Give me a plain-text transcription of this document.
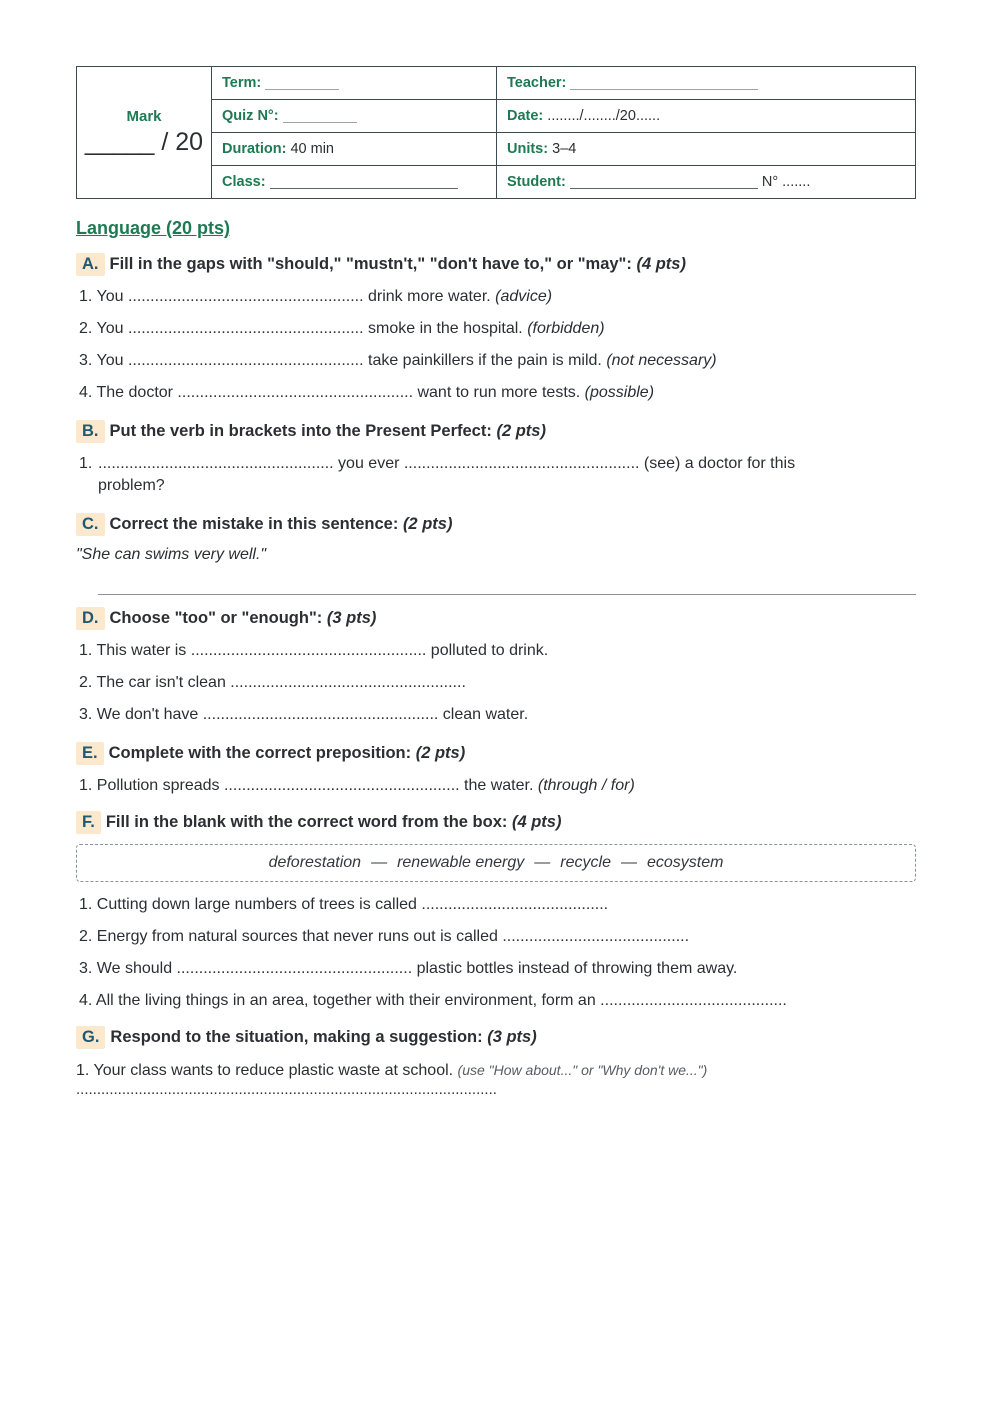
Mark
_____ / 20	Term:	Teacher:
	Quiz N°:	Date: ......../......../20......
	Duration: 40 min	Units: 3–4
	Class:	Student: N° .......
Language (20 pts)
A. Fill in the gaps with "should," "mustn't," "don't have to," or "may":
(4 pts)
1. You ..................................................... drink more water. (advice)
2. You ..................................................... smoke in the hospital. (forbidden)
3. You ..................................................... take painkillers if the pain is mild. (not necessary)
4. The doctor ..................................................... want to run more tests. (possible)
B. Put the verb in brackets into the Present Perfect:
(2 pts)
1. ..................................................... you ever ..................................................... (see) a doctor for this problem?
C. Correct the mistake in this sentence:
(2 pts)
"She can swims very well."
D. Choose "too" or "enough":
(3 pts)
1. This water is ..................................................... polluted to drink.
2. The car isn't clean .....................................................
3. We don't have ..................................................... clean water.
E. Complete with the correct preposition:
(2 pts)
1. Pollution spreads ..................................................... the water. (through / for)
F. Fill in the blank with the correct word from the box:
(4 pts)
deforestation — renewable energy — recycle — ecosystem
1. Cutting down large numbers of trees is called ..........................................
2. Energy from natural sources that never runs out is called ..........................................
3. We should ..................................................... plastic bottles instead of throwing them away.
4. All the living things in an area, together with their environment, form an ..........................................
G. Respond to the situation, making a suggestion:
(3 pts)
1. Your class wants to reduce plastic waste at school. (use "How about..." or "Why don't we...")
.....................................................................................................
